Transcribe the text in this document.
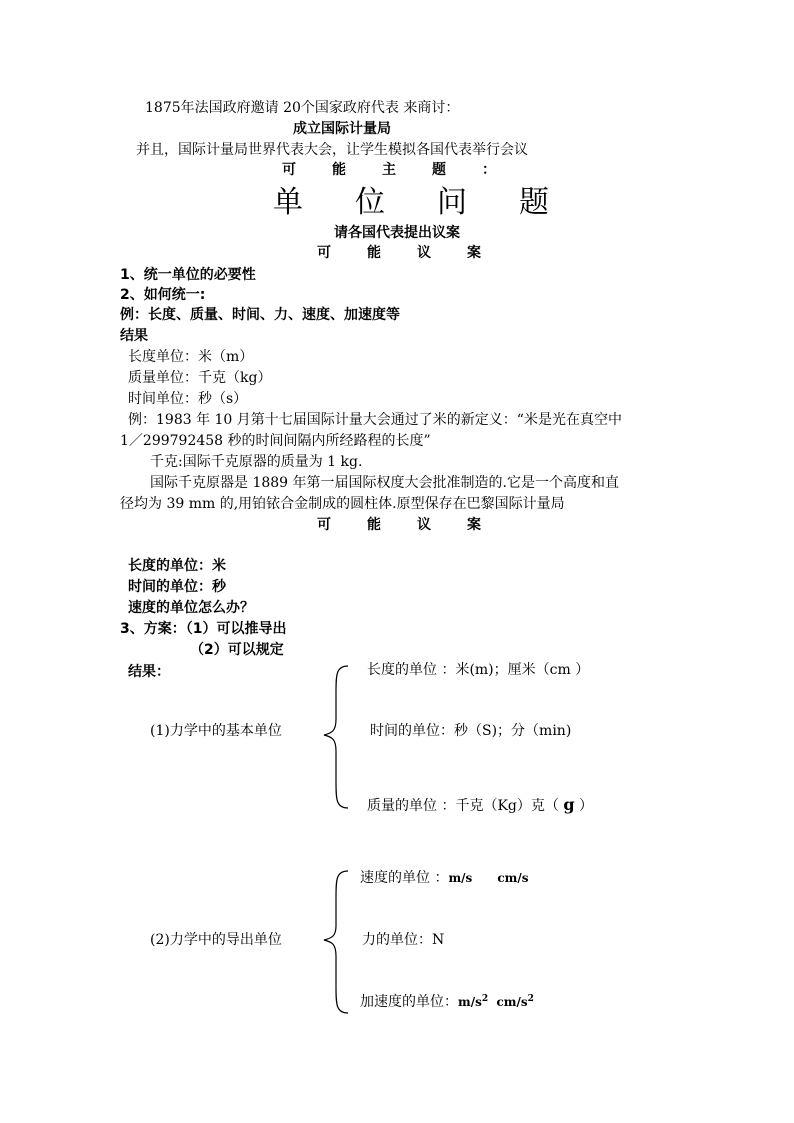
1875年法国政府邀请 20个国家政府代表 来商讨：
成立国际计量局
并且，国际计量局世界代表大会，让学生模拟各国代表举行会议
可能主题：
单位问题
请各国代表提出议案
可能议案
1、统一单位的必要性
2、如何统一:
例：长度、质量、时间、力、速度、加速度等
结果
长度单位：米（m）
质量单位：千克（kg）
时间单位：秒（s）
例：1983 年 10 月第十七届国际计量大会通过了米的新定义：“米是光在真空中
1／299792458 秒的时间间隔内所经路程的长度”
千克:国际千克原器的质量为 1 kg.
国际千克原器是 1889 年第一届国际权度大会批准制造的.它是一个高度和直
径均为 39 mm 的,用铂铱合金制成的圆柱体.原型保存在巴黎国际计量局
可能议案
长度的单位：米
时间的单位：秒
速度的单位怎么办？
3、方案：（1）可以推导出
（2）可以规定
结果：
(1)力学中的基本单位
长度的单位 ：米(m)；厘米（cm ）
时间的单位：秒（S)；分（min)
质量的单位 ：千克（Kg）克（ g ）
(2)力学中的导出单位
速度的单位 ：m/s      cm/s
力的单位：N
加速度的单位：$m/s^2$ $cm/s^2$
